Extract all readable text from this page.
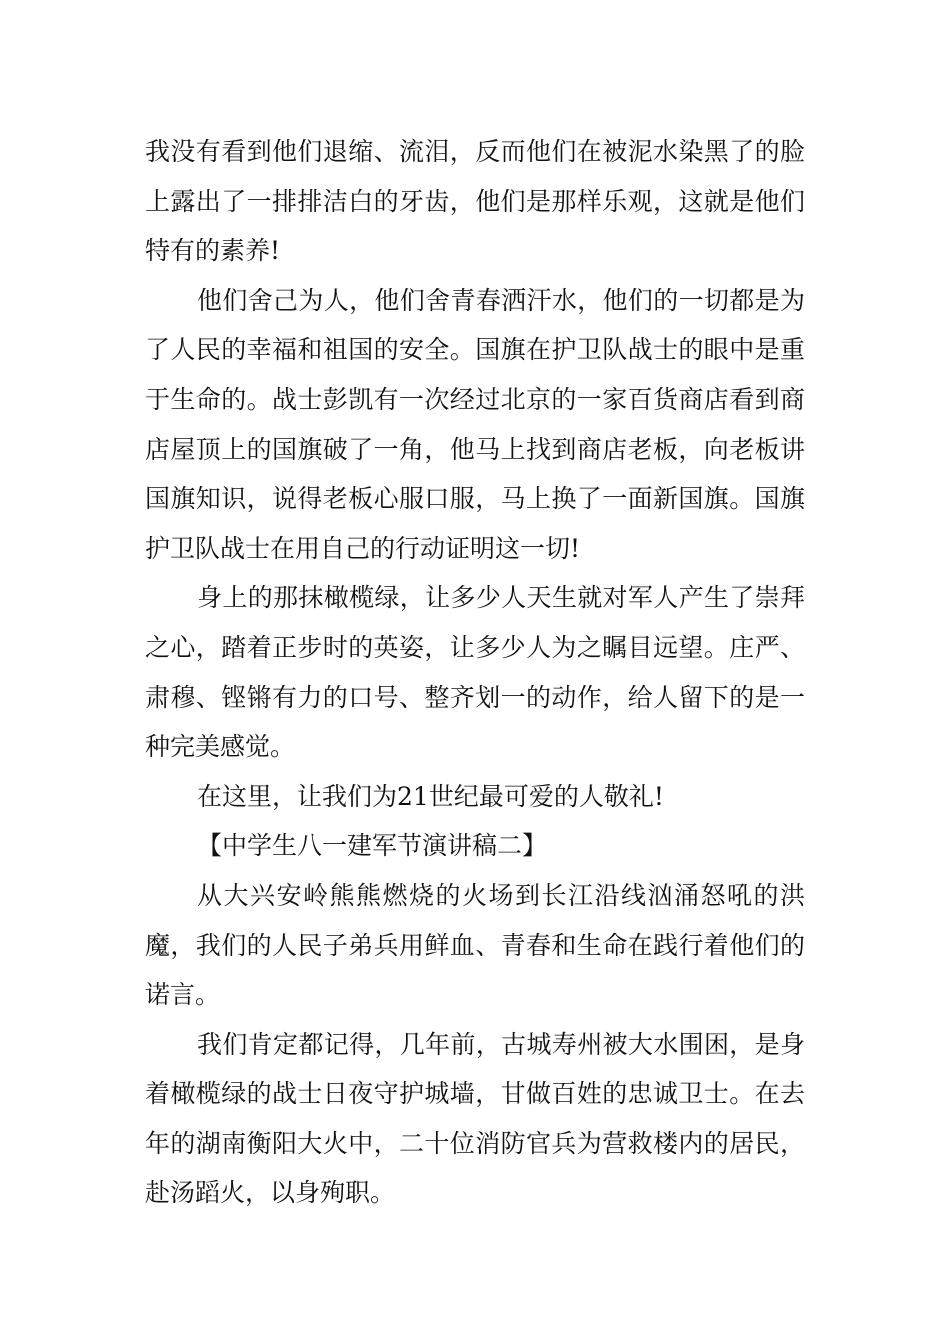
我没有看到他们退缩、流泪，反而他们在被泥水染黑了的脸上露出了一排排洁白的牙齿，他们是那样乐观，这就是他们特有的素养!

他们舍己为人，他们舍青春洒汗水，他们的一切都是为了人民的幸福和祖国的安全。国旗在护卫队战士的眼中是重于生命的。战士彭凯有一次经过北京的一家百货商店看到商店屋顶上的国旗破了一角，他马上找到商店老板，向老板讲国旗知识，说得老板心服口服，马上换了一面新国旗。国旗护卫队战士在用自己的行动证明这一切!

身上的那抹橄榄绿，让多少人天生就对军人产生了崇拜之心，踏着正步时的英姿，让多少人为之瞩目远望。庄严、肃穆、铿锵有力的口号、整齐划一的动作，给人留下的是一种完美感觉。

在这里，让我们为21世纪最可爱的人敬礼!

【中学生八一建军节演讲稿二】

从大兴安岭熊熊燃烧的火场到长江沿线汹涌怒吼的洪魔，我们的人民子弟兵用鲜血、青春和生命在践行着他们的诺言。

我们肯定都记得，几年前，古城寿州被大水围困，是身着橄榄绿的战士日夜守护城墙，甘做百姓的忠诚卫士。在去年的湖南衡阳大火中，二十位消防官兵为营救楼内的居民，赴汤蹈火，以身殉职。
